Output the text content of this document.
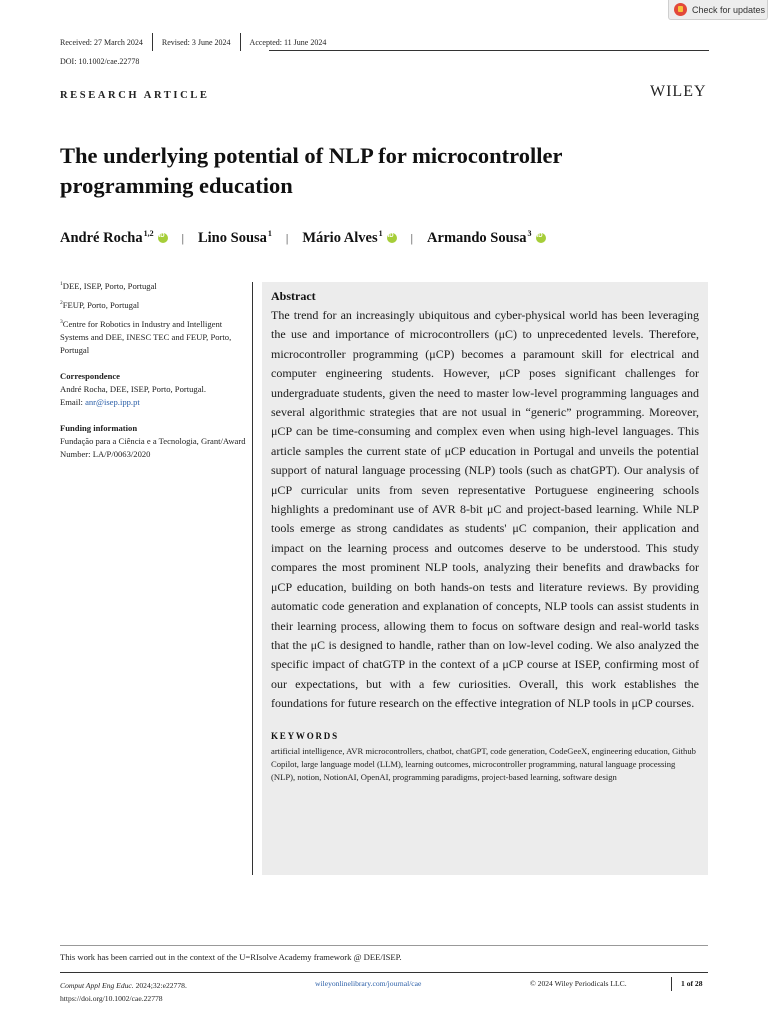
Check for updates
Received: 27 March 2024 Revised: 3 June 2024 Accepted: 11 June 2024
DOI: 10.1002/cae.22778
RESEARCH ARTICLE	WILEY
The underlying potential of NLP for microcontroller
programming education
André Rocha$^{1,2}$ iD | Lino Sousa$^1$ | Mário Alves$^1$ iD | Armando Sousa$^3$
iD

$^1$DEE, ISEP, Porto, Portugal

$^2$FEUP, Porto, Portugal

$^3$Centre for Robotics in Industry and Intelligent Systems and DEE, INESC TEC and FEUP, Porto, Portugal

Correspondence
André Rocha, DEE, ISEP, Porto, Portugal.
Email: anr@isep.ipp.pt
Funding information
Fundação para a Ciência e a Tecnologia, Grant/Award Number: LA/P/0063/2020
Abstract
The trend for an increasingly ubiquitous and cyber-physical world has been leveraging the use and importance of microcontrollers (μC) to unprecedented levels. Therefore, microcontroller programming (μCP) becomes a paramount skill for electrical and computer engineering students. However, μCP poses significant challenges for undergraduate students, given the need to master low-level programming languages and several algorithmic strategies that are not usual in “generic” programming. Moreover, μCP can be time-consuming and complex even when using high-level languages. This article samples the current state of μCP education in Portugal and unveils the potential support of natural language processing (NLP) tools (such as chatGPT). Our analysis of μCP curricular units from seven representative Portuguese engineering schools highlights a predominant use of AVR 8-bit μC and project-based learning. While NLP tools emerge as strong candidates as students' μC companion, their application and impact on the learning process and outcomes deserve to be understood. This study compares the most prominent NLP tools, analyzing their benefits and drawbacks for μCP education, building on both hands-on tests and literature reviews. By providing automatic code generation and explanation of concepts, NLP tools can assist students in their learning process, allowing them to focus on software design and real-world tasks that the μC is designed to handle, rather than on low-level coding. We also analyzed the specific impact of chatGTP in the context of a μCP course at ISEP, confirming most of our expectations, but with a few curiosities. Overall, this work establishes the foundations for future research on the effective integration of NLP tools in μCP courses.
KEYWORDS
artificial intelligence, AVR microcontrollers, chatbot, chatGPT, code generation, CodeGeeX, engineering education, Github Copilot, large language model (LLM), learning outcomes, microcontroller programming, natural language processing (NLP), notion, NotionAI, OpenAI, programming paradigms, project-based learning, software design
This work has been carried out in the context of the U=RIsolve Academy framework @ DEE/ISEP.
Comput Appl Eng Educ. 2024;32:e22778.
https://doi.org/10.1002/cae.22778
wileyonlinelibrary.com/journal/cae	© 2024 Wiley Periodicals LLC.	1 of 28
